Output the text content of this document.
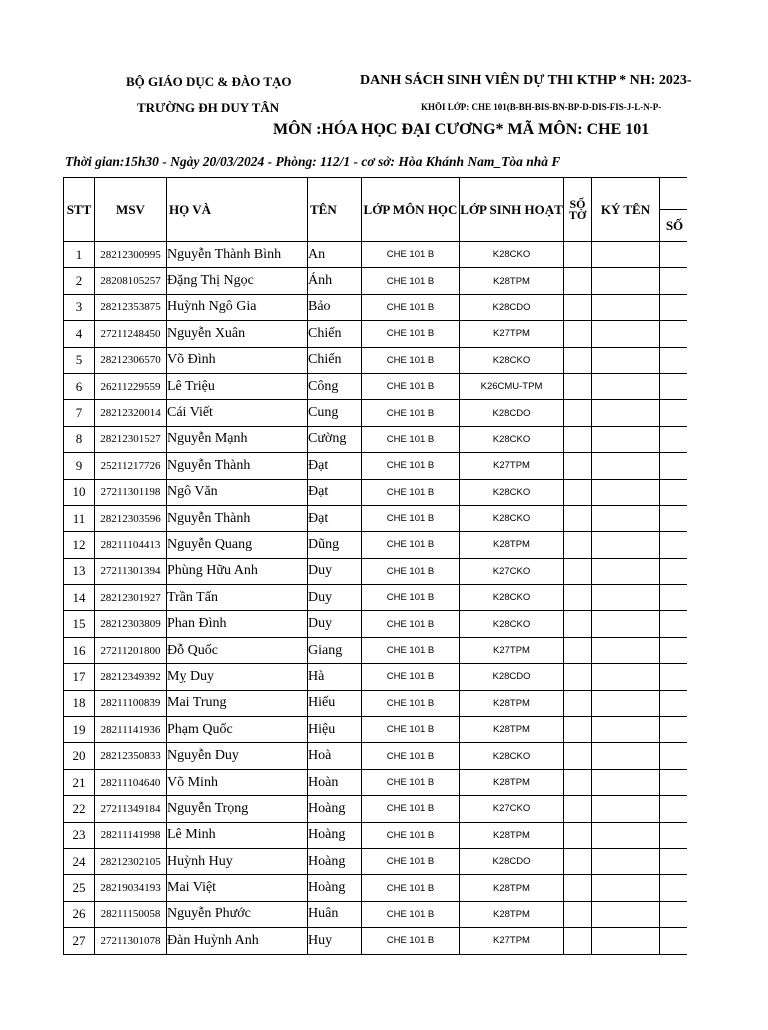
BỘ GIÁO DỤC & ĐÀO TẠO
TRƯỜNG ĐH DUY TÂN
DANH SÁCH SINH VIÊN DỰ THI KTHP * NH: 2023-
KHỐI LỚP: CHE 101(B-BH-BIS-BN-BP-D-DIS-FIS-J-L-N-P-
MÔN :HÓA HỌC ĐẠI CƯƠNG* MÃ MÔN: CHE 101
Thời gian:15h30 - Ngày 20/03/2024 - Phòng: 112/1 - cơ sở: Hòa Khánh Nam_Tòa nhà F
STT	MSV	HỌ VÀ	TÊN	LỚP MÔN HỌC	LỚP SINH HOẠT	SỐ TỜ	KÝ TÊN	
								SỐ
1	28212300995	Nguyễn Thành Bình	An	CHE 101 B	K28CKO			
2	28208105257	Đặng Thị Ngọc	Ánh	CHE 101 B	K28TPM			
3	28212353875	Huỳnh Ngô Gia	Bảo	CHE 101 B	K28CDO			
4	27211248450	Nguyễn Xuân	Chiến	CHE 101 B	K27TPM			
5	28212306570	Võ Đình	Chiến	CHE 101 B	K28CKO			
6	26211229559	Lê Triệu	Công	CHE 101 B	K26CMU-TPM			
7	28212320014	Cái Viết	Cung	CHE 101 B	K28CDO			
8	28212301527	Nguyễn Mạnh	Cường	CHE 101 B	K28CKO			
9	25211217726	Nguyễn Thành	Đạt	CHE 101 B	K27TPM			
10	27211301198	Ngô Văn	Đạt	CHE 101 B	K28CKO			
11	28212303596	Nguyễn Thành	Đạt	CHE 101 B	K28CKO			
12	28211104413	Nguyễn Quang	Dũng	CHE 101 B	K28TPM			
13	27211301394	Phùng Hữu Anh	Duy	CHE 101 B	K27CKO			
14	28212301927	Trần Tấn	Duy	CHE 101 B	K28CKO			
15	28212303809	Phan Đình	Duy	CHE 101 B	K28CKO			
16	27211201800	Đỗ Quốc	Giang	CHE 101 B	K27TPM			
17	28212349392	Mỵ Duy	Hà	CHE 101 B	K28CDO			
18	28211100839	Mai Trung	Hiếu	CHE 101 B	K28TPM			
19	28211141936	Phạm Quốc	Hiệu	CHE 101 B	K28TPM			
20	28212350833	Nguyễn Duy	Hoà	CHE 101 B	K28CKO			
21	28211104640	Võ Minh	Hoàn	CHE 101 B	K28TPM			
22	27211349184	Nguyễn Trọng	Hoàng	CHE 101 B	K27CKO			
23	28211141998	Lê Minh	Hoàng	CHE 101 B	K28TPM			
24	28212302105	Huỳnh Huy	Hoàng	CHE 101 B	K28CDO			
25	28219034193	Mai Việt	Hoàng	CHE 101 B	K28TPM			
26	28211150058	Nguyễn Phước	Huân	CHE 101 B	K28TPM			
27	27211301078	Đàn Huỳnh Anh	Huy	CHE 101 B	K27TPM			
